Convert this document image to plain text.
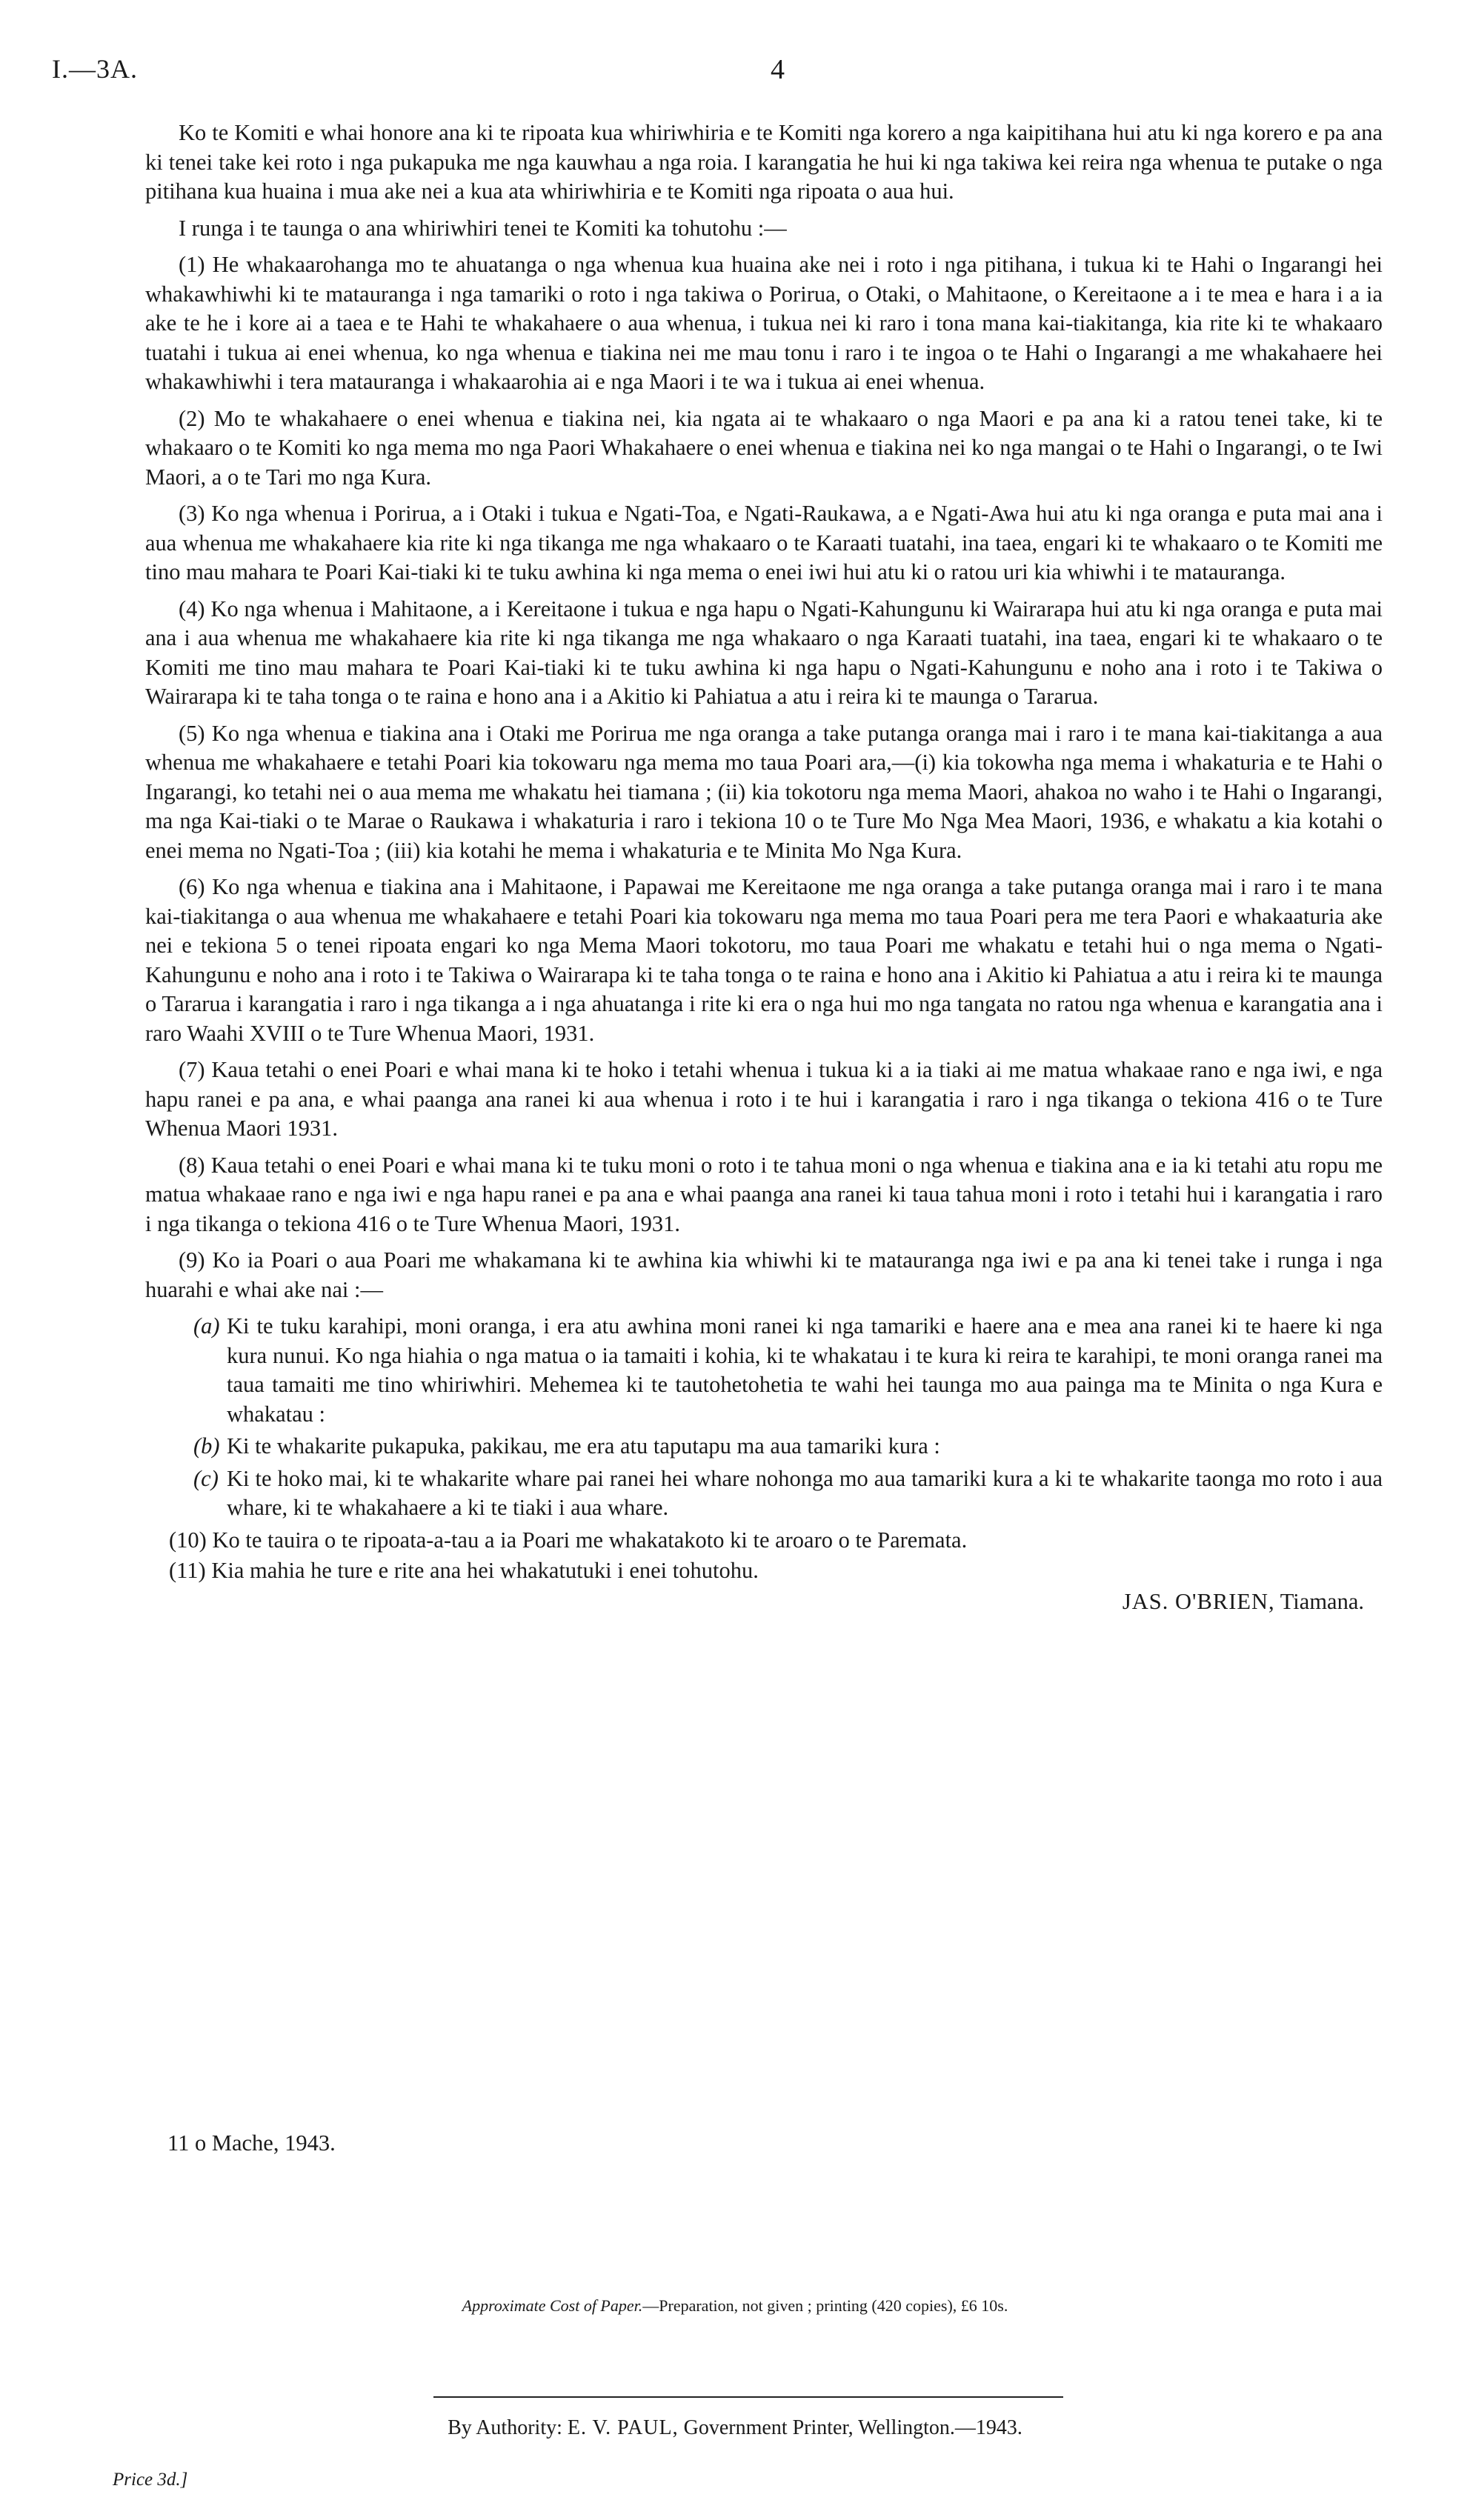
I.—3A.	4

Ko te Komiti e whai honore ana ki te ripoata kua whiriwhiria e te Komiti nga korero a nga kaipitihana hui atu ki nga korero e pa ana ki tenei take kei roto i nga pukapuka me nga kauwhau a nga roia. I karangatia he hui ki nga takiwa kei reira nga whenua te putake o nga pitihana kua huaina i mua ake nei a kua ata whiriwhiria e te Komiti nga ripoata o aua hui.

I runga i te taunga o ana whiriwhiri tenei te Komiti ka tohutohu :—

(1) He whakaarohanga mo te ahuatanga o nga whenua kua huaina ake nei i roto i nga pitihana, i tukua ki te Hahi o Ingarangi hei whakawhiwhi ki te matauranga i nga tamariki o roto i nga takiwa o Porirua, o Otaki, o Mahitaone, o Kereitaone a i te mea e hara i a ia ake te he i kore ai a taea e te Hahi te whakahaere o aua whenua, i tukua nei ki raro i tona mana kai-tiakitanga, kia rite ki te whakaaro tuatahi i tukua ai enei whenua, ko nga whenua e tiakina nei me mau tonu i raro i te ingoa o te Hahi o Ingarangi a me whakahaere hei whakawhiwhi i tera matauranga i whakaarohia ai e nga Maori i te wa i tukua ai enei whenua.

(2) Mo te whakahaere o enei whenua e tiakina nei, kia ngata ai te whakaaro o nga Maori e pa ana ki a ratou tenei take, ki te whakaaro o te Komiti ko nga mema mo nga Paori Whakahaere o enei whenua e tiakina nei ko nga mangai o te Hahi o Ingarangi, o te Iwi Maori, a o te Tari mo nga Kura.

(3) Ko nga whenua i Porirua, a i Otaki i tukua e Ngati-Toa, e Ngati-Raukawa, a e Ngati-Awa hui atu ki nga oranga e puta mai ana i aua whenua me whakahaere kia rite ki nga tikanga me nga whakaaro o te Karaati tuatahi, ina taea, engari ki te whakaaro o te Komiti me tino mau mahara te Poari Kai-tiaki ki te tuku awhina ki nga mema o enei iwi hui atu ki o ratou uri kia whiwhi i te matauranga.

(4) Ko nga whenua i Mahitaone, a i Kereitaone i tukua e nga hapu o Ngati-Kahungunu ki Wairarapa hui atu ki nga oranga e puta mai ana i aua whenua me whakahaere kia rite ki nga tikanga me nga whakaaro o nga Karaati tuatahi, ina taea, engari ki te whakaaro o te Komiti me tino mau mahara te Poari Kai-tiaki ki te tuku awhina ki nga hapu o Ngati-Kahungunu e noho ana i roto i te Takiwa o Wairarapa ki te taha tonga o te raina e hono ana i a Akitio ki Pahiatua a atu i reira ki te maunga o Tararua.

(5) Ko nga whenua e tiakina ana i Otaki me Porirua me nga oranga a take putanga oranga mai i raro i te mana kai-tiakitanga a aua whenua me whakahaere e tetahi Poari kia tokowaru nga mema mo taua Poari ara,—(i) kia tokowha nga mema i whakaturia e te Hahi o Ingarangi, ko tetahi nei o aua mema me whakatu hei tiamana ; (ii) kia tokotoru nga mema Maori, ahakoa no waho i te Hahi o Ingarangi, ma nga Kai-tiaki o te Marae o Raukawa i whakaturia i raro i tekiona 10 o te Ture Mo Nga Mea Maori, 1936, e whakatu a kia kotahi o enei mema no Ngati-Toa ; (iii) kia kotahi he mema i whakaturia e te Minita Mo Nga Kura.

(6) Ko nga whenua e tiakina ana i Mahitaone, i Papawai me Kereitaone me nga oranga a take putanga oranga mai i raro i te mana kai-tiakitanga o aua whenua me whakahaere e tetahi Poari kia tokowaru nga mema mo taua Poari pera me tera Paori e whakaaturia ake nei e tekiona 5 o tenei ripoata engari ko nga Mema Maori tokotoru, mo taua Poari me whakatu e tetahi hui o nga mema o Ngati-Kahungunu e noho ana i roto i te Takiwa o Wairarapa ki te taha tonga o te raina e hono ana i Akitio ki Pahiatua a atu i reira ki te maunga o Tararua i karangatia i raro i nga tikanga a i nga ahuatanga i rite ki era o nga hui mo nga tangata no ratou nga whenua e karangatia ana i raro Waahi XVIII o te Ture Whenua Maori, 1931.

(7) Kaua tetahi o enei Poari e whai mana ki te hoko i tetahi whenua i tukua ki a ia tiaki ai me matua whakaae rano e nga iwi, e nga hapu ranei e pa ana, e whai paanga ana ranei ki aua whenua i roto i te hui i karangatia i raro i nga tikanga o tekiona 416 o te Ture Whenua Maori 1931.

(8) Kaua tetahi o enei Poari e whai mana ki te tuku moni o roto i te tahua moni o nga whenua e tiakina ana e ia ki tetahi atu ropu me matua whakaae rano e nga iwi e nga hapu ranei e pa ana e whai paanga ana ranei ki taua tahua moni i roto i tetahi hui i karangatia i raro i nga tikanga o tekiona 416 o te Ture Whenua Maori, 1931.

(9) Ko ia Poari o aua Poari me whakamana ki te awhina kia whiwhi ki te matauranga nga iwi e pa ana ki tenei take i runga i nga huarahi e whai ake nai :—

(a) Ki te tuku karahipi, moni oranga, i era atu awhina moni ranei ki nga tamariki e haere ana e mea ana ranei ki te haere ki nga kura nunui. Ko nga hiahia o nga matua o ia tamaiti i kohia, ki te whakatau i te kura ki reira te karahipi, te moni oranga ranei ma taua tamaiti me tino whiriwhiri. Mehemea ki te tautohetohetia te wahi hei taunga mo aua painga ma te Minita o nga Kura e whakatau :
(b) Ki te whakarite pukapuka, pakikau, me era atu taputapu ma aua tamariki kura :
(c) Ki te hoko mai, ki te whakarite whare pai ranei hei whare nohonga mo aua tamariki kura a ki te whakarite taonga mo roto i aua whare, ki te whakahaere a ki te tiaki i aua whare.

(10) Ko te tauira o te ripoata-a-tau a ia Poari me whakatakoto ki te aroaro o te Paremata.

(11) Kia mahia he ture e rite ana hei whakatutuki i enei tohutohu.

JAS. O'BRIEN, Tiamana.
11 o Mache, 1943.
Approximate Cost of Paper.—Preparation, not given ; printing (420 copies), £6 10s.
By Authority: E. V. PAUL, Government Printer, Wellington.—1943.
Price 3d.]
